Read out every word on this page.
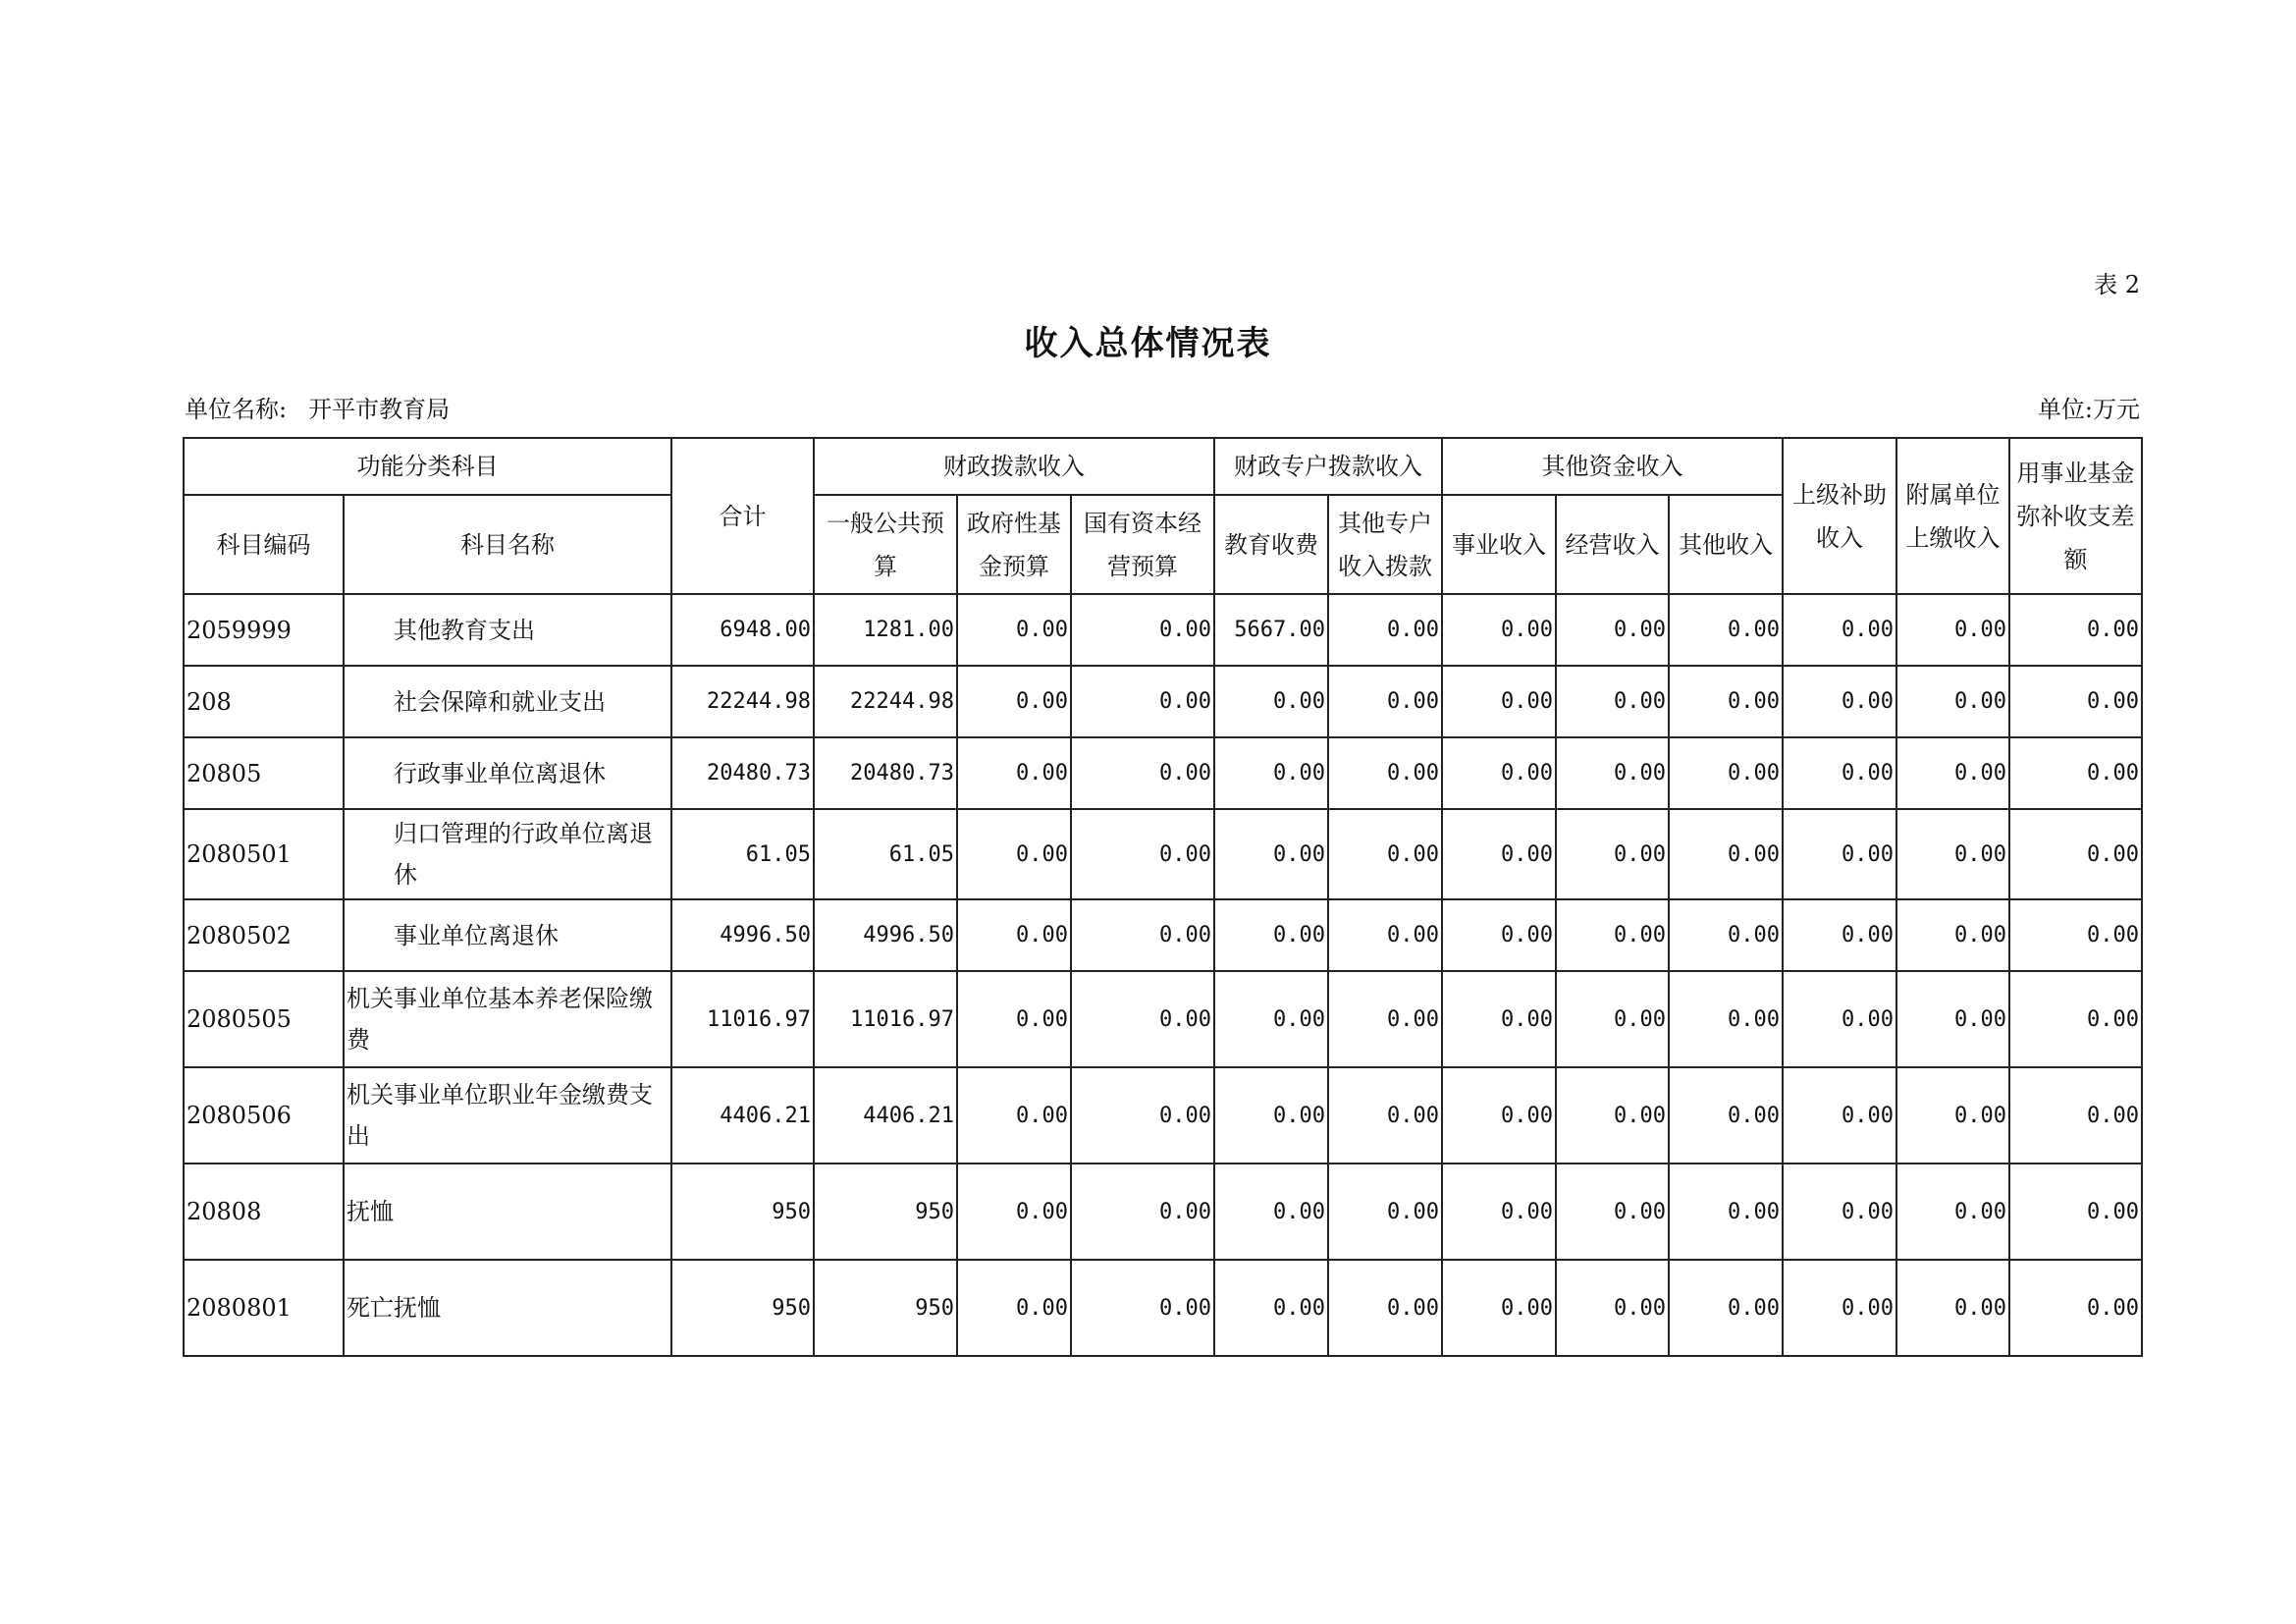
表 2
收入总体情况表
单位名称: 开平市教育局	单位:万元
功能分类科目		合计	财政拨款收入			财政专户拨款收入		其他资金收入			上级补助收入	附属单位上缴收入	用事业基金弥补收支差额
科目编码	科目名称		一般公共预算	政府性基金预算	国有资本经营预算	教育收费	其他专户收入拨款	事业收入	经营收入	其他收入			
2059999	其他教育支出	6948.00	1281.00	0.00	0.00	5667.00	0.00	0.00	0.00	0.00	0.00	0.00	0.00
208	社会保障和就业支出	22244.98	22244.98	0.00	0.00	0.00	0.00	0.00	0.00	0.00	0.00	0.00	0.00
20805	行政事业单位离退休	20480.73	20480.73	0.00	0.00	0.00	0.00	0.00	0.00	0.00	0.00	0.00	0.00
2080501	归口管理的行政单位离退休	61.05	61.05	0.00	0.00	0.00	0.00	0.00	0.00	0.00	0.00	0.00	0.00
2080502	事业单位离退休	4996.50	4996.50	0.00	0.00	0.00	0.00	0.00	0.00	0.00	0.00	0.00	0.00
2080505	机关事业单位基本养老保险缴费	11016.97	11016.97	0.00	0.00	0.00	0.00	0.00	0.00	0.00	0.00	0.00	0.00
2080506	机关事业单位职业年金缴费支出	4406.21	4406.21	0.00	0.00	0.00	0.00	0.00	0.00	0.00	0.00	0.00	0.00
20808	抚恤	950	950	0.00	0.00	0.00	0.00	0.00	0.00	0.00	0.00	0.00	0.00
2080801	死亡抚恤	950	950	0.00	0.00	0.00	0.00	0.00	0.00	0.00	0.00	0.00	0.00
